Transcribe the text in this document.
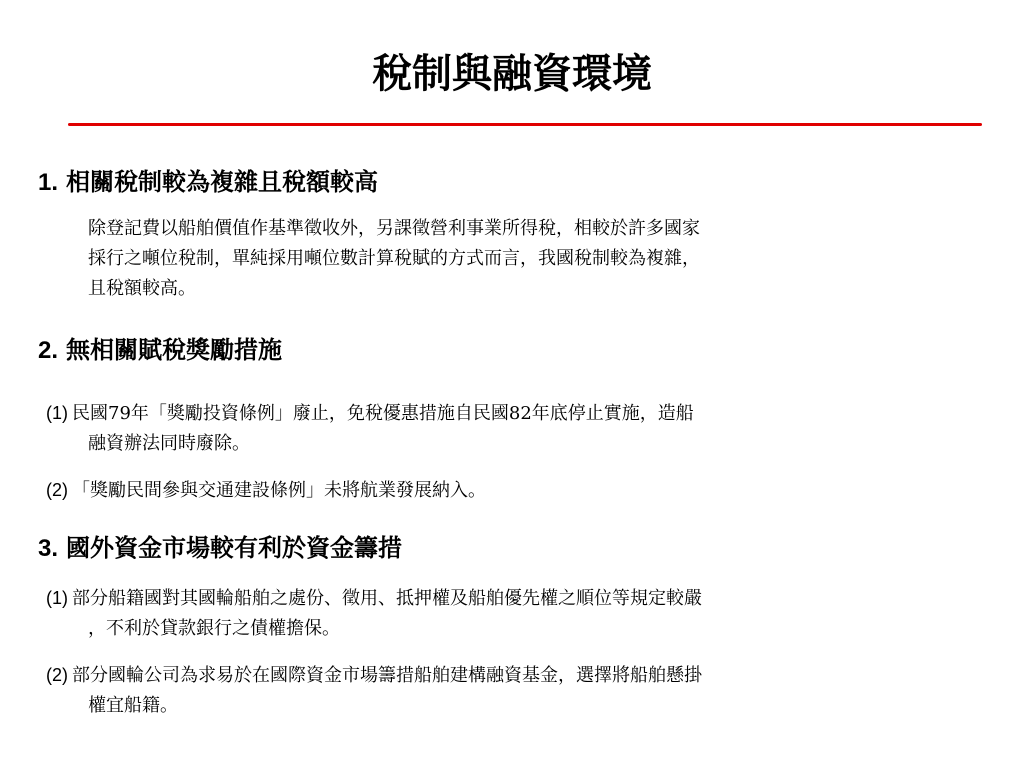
稅制與融資環境
1. 相關稅制較為複雜且稅額較高
除登記費以船舶價值作基準徵收外，另課徵營利事業所得稅，相較於許多國家
採行之噸位稅制，單純採用噸位數計算稅賦的方式而言，我國稅制較為複雜，
且稅額較高。
2. 無相關賦稅獎勵措施
(1) 民國79年「獎勵投資條例」廢止，免稅優惠措施自民國82年底停止實施，造船
融資辦法同時廢除。
(2) 「獎勵民間參與交通建設條例」未將航業發展納入。
3. 國外資金市場較有利於資金籌措
(1) 部分船籍國對其國輪船舶之處份、徵用、抵押權及船舶優先權之順位等規定較嚴
，不利於貸款銀行之債權擔保。
(2) 部分國輪公司為求易於在國際資金市場籌措船舶建構融資基金，選擇將船舶懸掛
權宜船籍。
